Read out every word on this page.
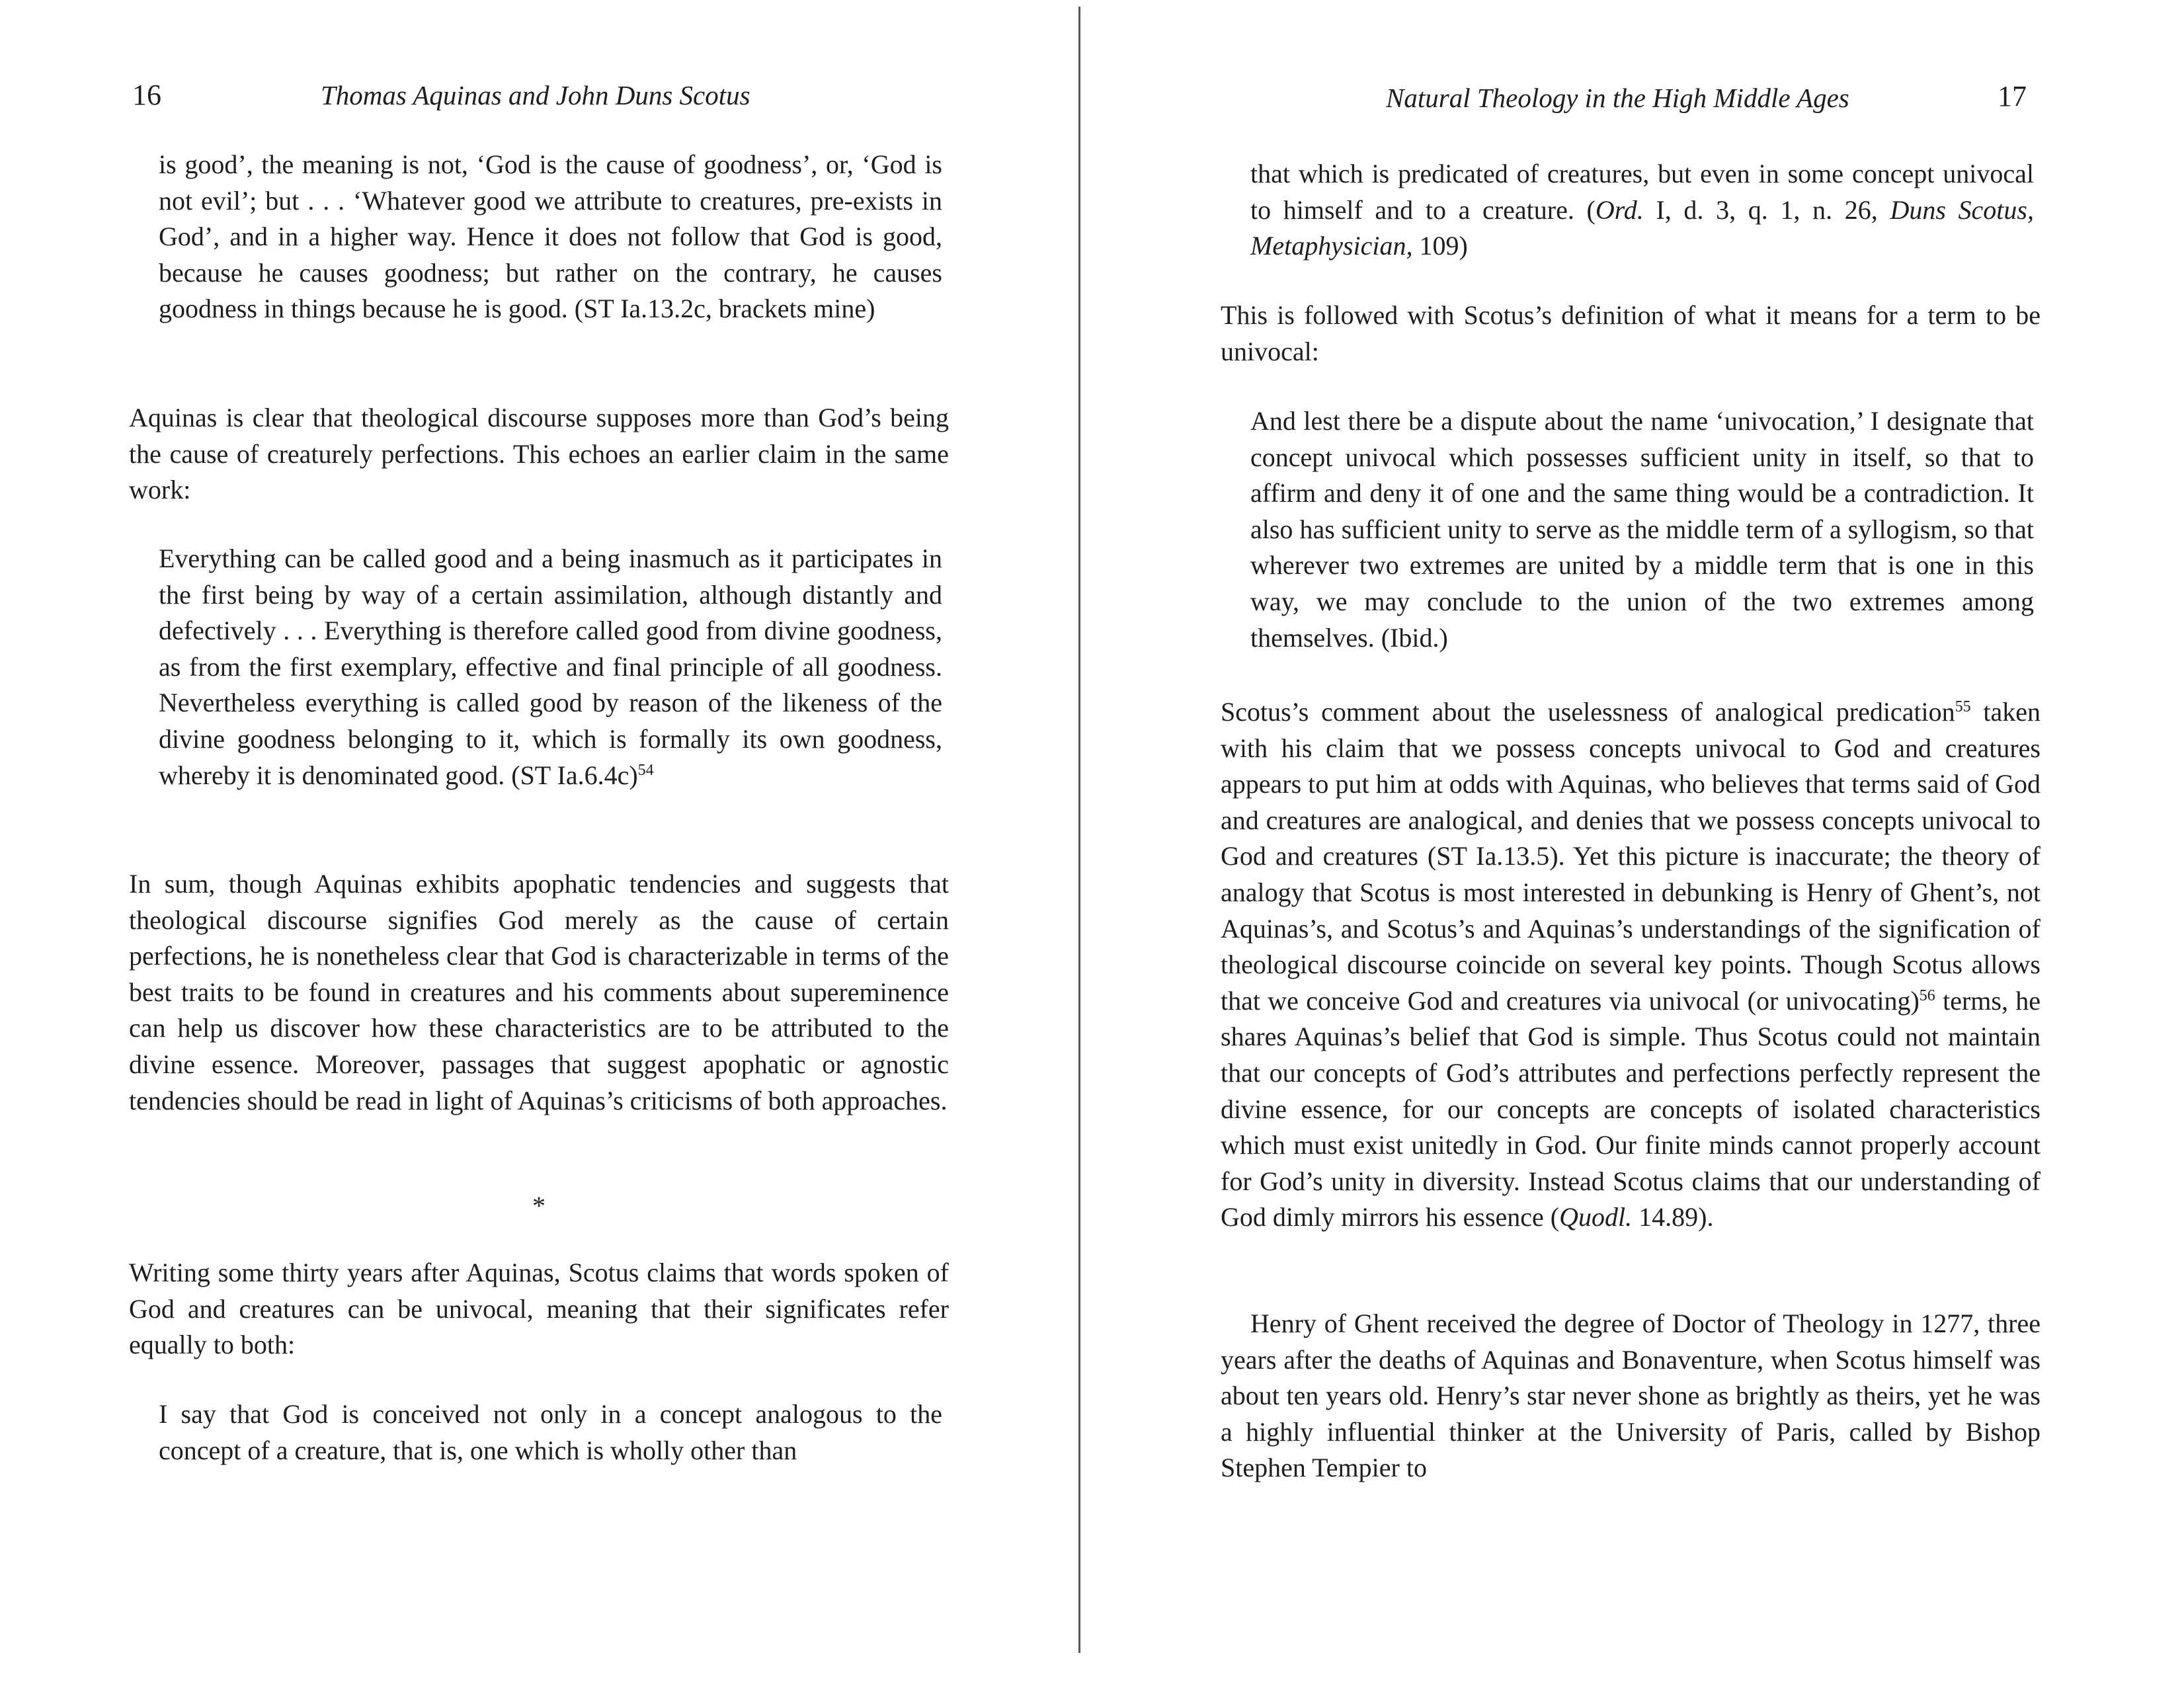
16	Thomas Aquinas and John Duns Scotus

is good’, the meaning is not, ‘God is the cause of goodness’, or, ‘God is not evil’; but . . . ‘Whatever good we attribute to creatures, pre-exists in God’, and in a higher way. Hence it does not follow that God is good, because he causes goodness; but rather on the contrary, he causes goodness in things because he is good. (ST Ia.13.2c, brackets mine)

Aquinas is clear that theological discourse supposes more than God’s being the cause of creaturely perfections. This echoes an earlier claim in the same work:

Everything can be called good and a being inasmuch as it participates in the first being by way of a certain assimilation, although distantly and defectively . . . Everything is therefore called good from divine goodness, as from the first exemplary, effective and final principle of all goodness. Nevertheless everything is called good by reason of the likeness of the divine goodness belonging to it, which is formally its own goodness, whereby it is denominated good. (ST Ia.6.4c)$^{54}$

In sum, though Aquinas exhibits apophatic tendencies and suggests that theological discourse signifies God merely as the cause of certain perfections, he is nonetheless clear that God is characterizable in terms of the best traits to be found in creatures and his comments about supereminence can help us discover how these characteristics are to be attributed to the divine essence. Moreover, passages that suggest apophatic or agnostic tendencies should be read in light of Aquinas’s criticisms of both approaches.

*

Writing some thirty years after Aquinas, Scotus claims that words spoken of God and creatures can be univocal, meaning that their significates refer equally to both:

I say that God is conceived not only in a concept analogous to the concept of a creature, that is, one which is wholly other than

Natural Theology in the High Middle Ages	17

that which is predicated of creatures, but even in some concept univocal to himself and to a creature. (Ord. I, d. 3, q. 1, n. 26, Duns Scotus, Metaphysician, 109)

This is followed with Scotus’s definition of what it means for a term to be univocal:

And lest there be a dispute about the name ‘univocation,’ I designate that concept univocal which possesses sufficient unity in itself, so that to affirm and deny it of one and the same thing would be a contradiction. It also has sufficient unity to serve as the middle term of a syllogism, so that wherever two extremes are united by a middle term that is one in this way, we may conclude to the union of the two extremes among themselves. (Ibid.)

Scotus’s comment about the uselessness of analogical predication$^{55}$ taken with his claim that we possess concepts univocal to God and creatures appears to put him at odds with Aquinas, who believes that terms said of God and creatures are analogical, and denies that we possess concepts univocal to God and creatures (ST Ia.13.5). Yet this picture is inaccurate; the theory of analogy that Scotus is most interested in debunking is Henry of Ghent’s, not Aquinas’s, and Scotus’s and Aquinas’s understandings of the signification of theological discourse coincide on several key points. Though Scotus allows that we conceive God and creatures via univocal (or univocating)$^{56}$ terms, he shares Aquinas’s belief that God is simple. Thus Scotus could not maintain that our concepts of God’s attributes and perfections perfectly represent the divine essence, for our concepts are concepts of isolated characteristics which must exist unitedly in God. Our finite minds cannot properly account for God’s unity in diversity. Instead Scotus claims that our understanding of God dimly mirrors his essence (Quodl. 14.89).

Henry of Ghent received the degree of Doctor of Theology in 1277, three years after the deaths of Aquinas and Bonaventure, when Scotus himself was about ten years old. Henry’s star never shone as brightly as theirs, yet he was a highly influential thinker at the University of Paris, called by Bishop Stephen Tempier to
